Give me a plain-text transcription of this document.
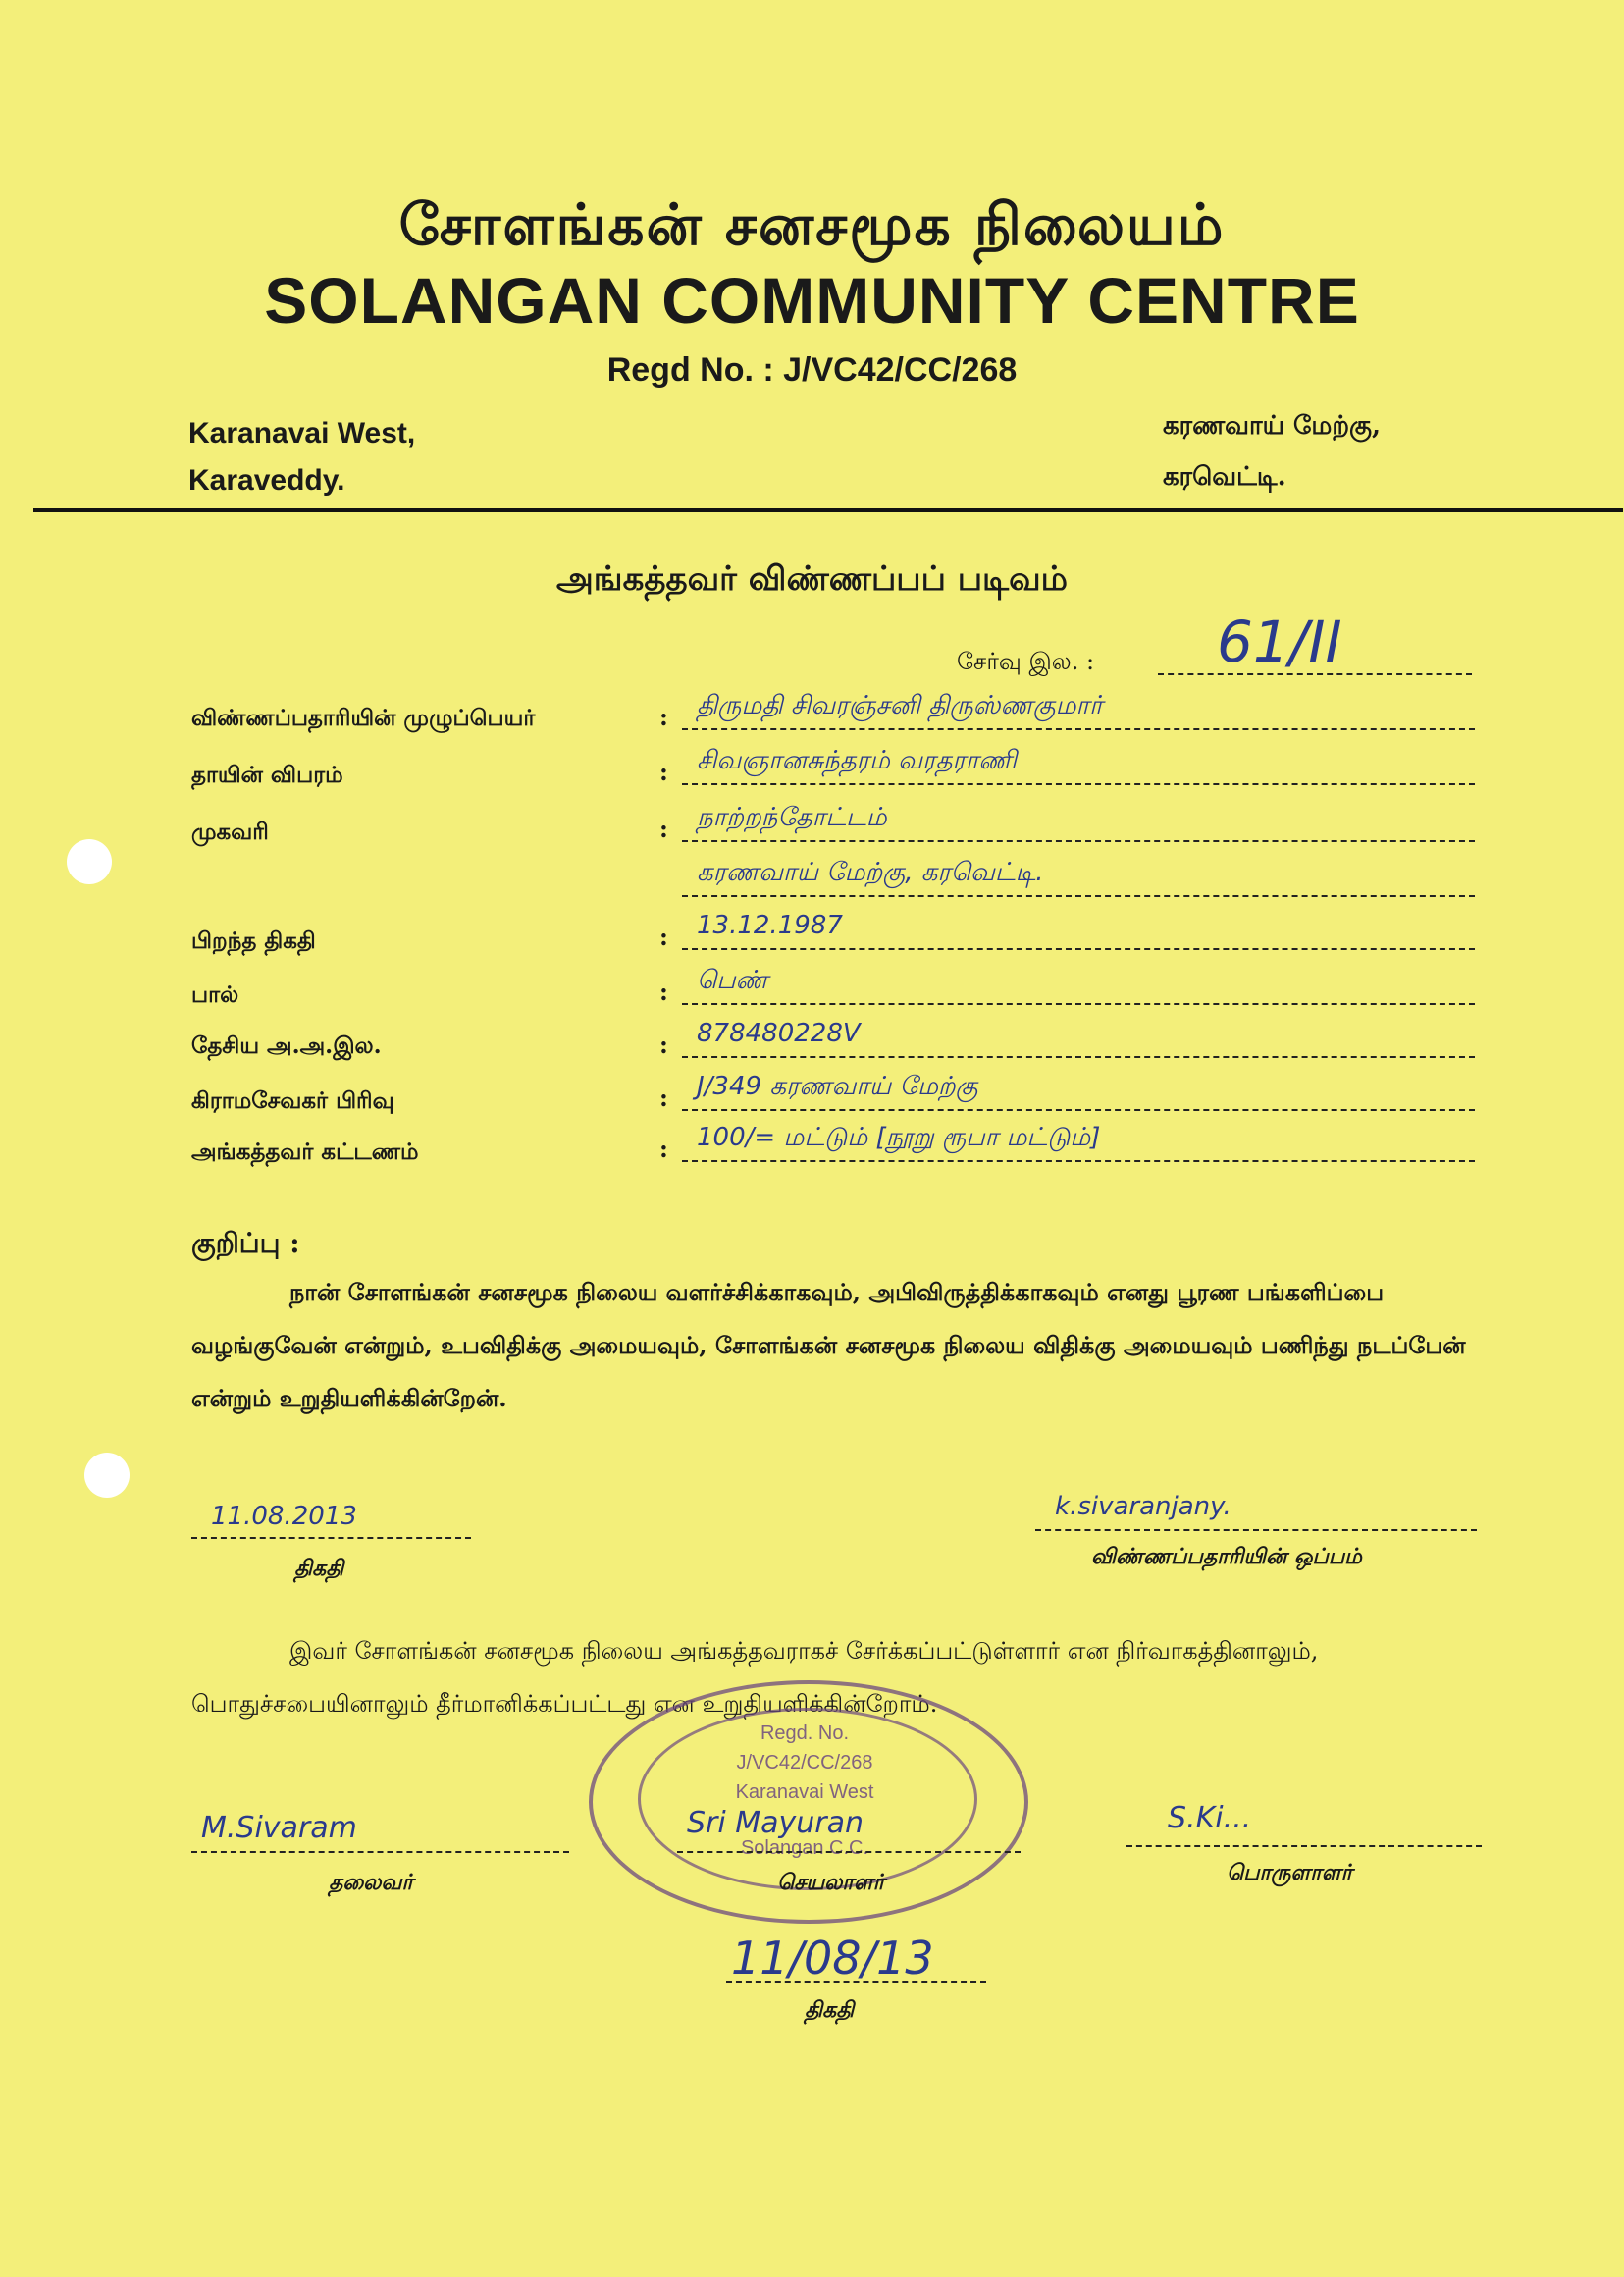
சோளங்கன் சனசமூக நிலையம்
SOLANGAN COMMUNITY CENTRE
Regd No. : J/VC42/CC/268
Karanavai West,
Karaveddy.
கரணவாய் மேற்கு,
கரவெட்டி.
அங்கத்தவர் விண்ணப்பப் படிவம்
சேர்வு இல. : 61/II
விண்ணப்பதாரியின் முழுப்பெயர்	: திருமதி சிவரஞ்சனி திருஸ்ணகுமார்
தாயின் விபரம்	: சிவஞானசுந்தரம் வரதராணி
முகவரி	: நாற்றந்தோட்டம்
கரணவாய் மேற்கு, கரவெட்டி.
பிறந்த திகதி	: 13.12.1987
பால்	: பெண்
தேசிய அ.அ.இல.	: 878480228V
கிராமசேவகர் பிரிவு	: J/349 கரணவாய் மேற்கு
அங்கத்தவர் கட்டணம்	: 100/= மட்டும் [நூறு ரூபா மட்டும்]
குறிப்பு :
நான் சோளங்கன் சனசமூக நிலைய வளர்ச்சிக்காகவும், அபிவிருத்திக்காகவும் எனது பூரண பங்களிப்பை வழங்குவேன் என்றும், உபவிதிக்கு அமையவும், சோளங்கன் சனசமூக நிலைய விதிக்கு அமையவும் பணிந்து நடப்பேன் என்றும் உறுதியளிக்கின்றேன்.
11.08.2013
திகதி
k.sivaranjany.
விண்ணப்பதாரியின் ஒப்பம்
இவர் சோளங்கன் சனசமூக நிலைய அங்கத்தவராகச் சேர்க்கப்பட்டுள்ளார் என நிர்வாகத்தினாலும், பொதுச்சபையினாலும் தீர்மானிக்கப்பட்டது என உறுதியளிக்கின்றோம்.
Regd. No.
J/VC42/CC/268
Karanavai West
Solangan C.C.
M.Sivaram
தலைவர்
Sri Mayuran
செயலாளர்
S.Ki...
பொருளாளர்
11/08/13
திகதி
